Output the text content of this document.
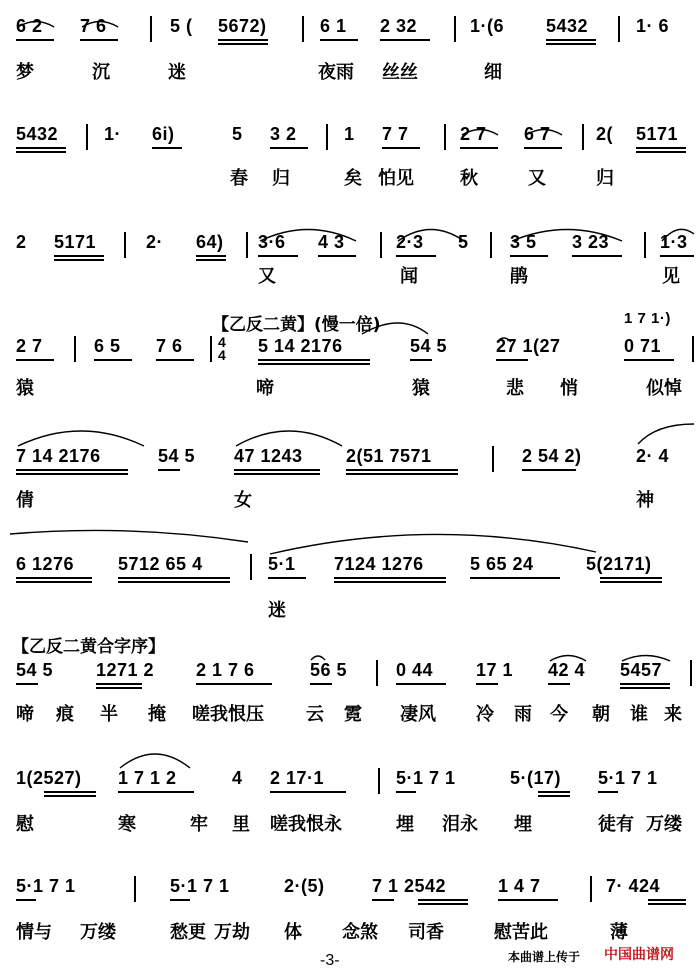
6 2 7 6	5 ( 5672)	6 1 2 32	1·(6 5432	1· 6
梦	沉	迷	夜雨 丝丝	细
5432	1· 6i)	5 3 2	1 7 7	2 7 6 7	2( 5171
春 归	矣 怕见	秋	又	归
2 5171	2· 64) 3·6 4 3	2·3 5 3 5 3 23	1·3
又	闻	鹃	见
【乙反二黄】(慢一倍)	1 7 1·)
2 7	6 5 7 6	4
4 5 14 2176	54 5	27 1(27	0 71
猿	啼	猿	悲 悄	似悼
7 14 2176	54 5 47 1243 2(51 7571	2 54 2)	2· 4
倩	女	神
6 1276 5712 65 4	5·1 7124 1276	5 65 24	5(2171)
迷
【乙反二黄合字序】
54 5 1271 2 2 1 7 6	56 5	0 44 17 1 42 4 5457
啼 痕 半 掩 嗟我恨压 云 霓 凄风 冷 雨 今 朝 谁 来
1(2527) 1 7 1 2	4 2 17·1	5·1 7 1	5·(17) 5·1 7 1
慰	寒	牢 里 嗟我恨永	埋 泪永 埋	徒有 万缕
5·1 7 1	5·1 7 1	2·(5)	7 1 2542	1 4 7	7· 424
情与 万缕	愁更 万劫 体 念煞 司香	慰苦此	薄
-3-	本曲谱上传于 中国曲谱网
